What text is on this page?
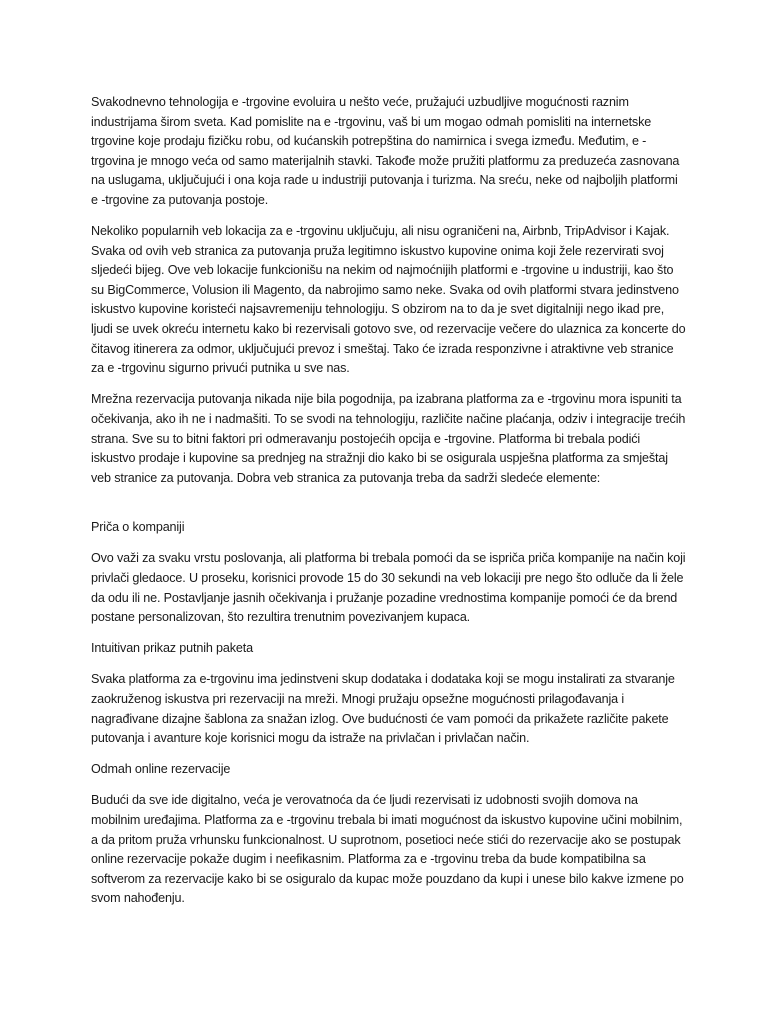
Svakodnevno tehnologija e -trgovine evoluira u nešto veće, pružajući uzbudljive mogućnosti raznim industrijama širom sveta. Kad pomislite na e -trgovinu, vaš bi um mogao odmah pomisliti na internetske trgovine koje prodaju fizičku robu, od kućanskih potrepština do namirnica i svega između. Međutim, e -trgovina je mnogo veća od samo materijalnih stavki. Takođe može pružiti platformu za preduzeća zasnovana na uslugama, uključujući i ona koja rade u industriji putovanja i turizma. Na sreću, neke od najboljih platformi e -trgovine za putovanja postoje.

Nekoliko popularnih veb lokacija za e -trgovinu uključuju, ali nisu ograničeni na, Airbnb, TripAdvisor i Kajak. Svaka od ovih veb stranica za putovanja pruža legitimno iskustvo kupovine onima koji žele rezervirati svoj sljedeći bijeg. Ove veb lokacije funkcionišu na nekim od najmoćnijih platformi e -trgovine u industriji, kao što su BigCommerce, Volusion ili Magento, da nabrojimo samo neke. Svaka od ovih platformi stvara jedinstveno iskustvo kupovine koristeći najsavremeniju tehnologiju. S obzirom na to da je svet digitalniji nego ikad pre, ljudi se uvek okreću internetu kako bi rezervisali gotovo sve, od rezervacije večere do ulaznica za koncerte do čitavog itinerera za odmor, uključujući prevoz i smeštaj. Tako će izrada responzivne i atraktivne veb stranice za e -trgovinu sigurno privući putnika u sve nas.

Mrežna rezervacija putovanja nikada nije bila pogodnija, pa izabrana platforma za e -trgovinu mora ispuniti ta očekivanja, ako ih ne i nadmašiti. To se svodi na tehnologiju, različite načine plaćanja, odziv i integracije trećih strana. Sve su to bitni faktori pri odmeravanju postojećih opcija e -trgovine. Platforma bi trebala podići iskustvo prodaje i kupovine sa prednjeg na stražnji dio kako bi se osigurala uspješna platforma za smještaj veb stranice za putovanja. Dobra veb stranica za putovanja treba da sadrži sledeće elemente:

Priča o kompaniji

Ovo važi za svaku vrstu poslovanja, ali platforma bi trebala pomoći da se ispriča priča kompanije na način koji privlači gledaoce. U proseku, korisnici provode 15 do 30 sekundi na veb lokaciji pre nego što odluče da li žele da odu ili ne. Postavljanje jasnih očekivanja i pružanje pozadine vrednostima kompanije pomoći će da brend postane personalizovan, što rezultira trenutnim povezivanjem kupaca.

Intuitivan prikaz putnih paketa

Svaka platforma za e-trgovinu ima jedinstveni skup dodataka i dodataka koji se mogu instalirati za stvaranje zaokruženog iskustva pri rezervaciji na mreži. Mnogi pružaju opsežne mogućnosti prilagođavanja i nagrađivane dizajne šablona za snažan izlog. Ove budućnosti će vam pomoći da prikažete različite pakete putovanja i avanture koje korisnici mogu da istraže na privlačan i privlačan način.

Odmah online rezervacije

Budući da sve ide digitalno, veća je verovatnoća da će ljudi rezervisati iz udobnosti svojih domova na mobilnim uređajima. Platforma za e -trgovinu trebala bi imati mogućnost da iskustvo kupovine učini mobilnim, a da pritom pruža vrhunsku funkcionalnost. U suprotnom, posetioci neće stići do rezervacije ako se postupak online rezervacije pokaže dugim i neefikasnim. Platforma za e -trgovinu treba da bude kompatibilna sa softverom za rezervacije kako bi se osiguralo da kupac može pouzdano da kupi i unese bilo kakve izmene po svom nahođenju.
